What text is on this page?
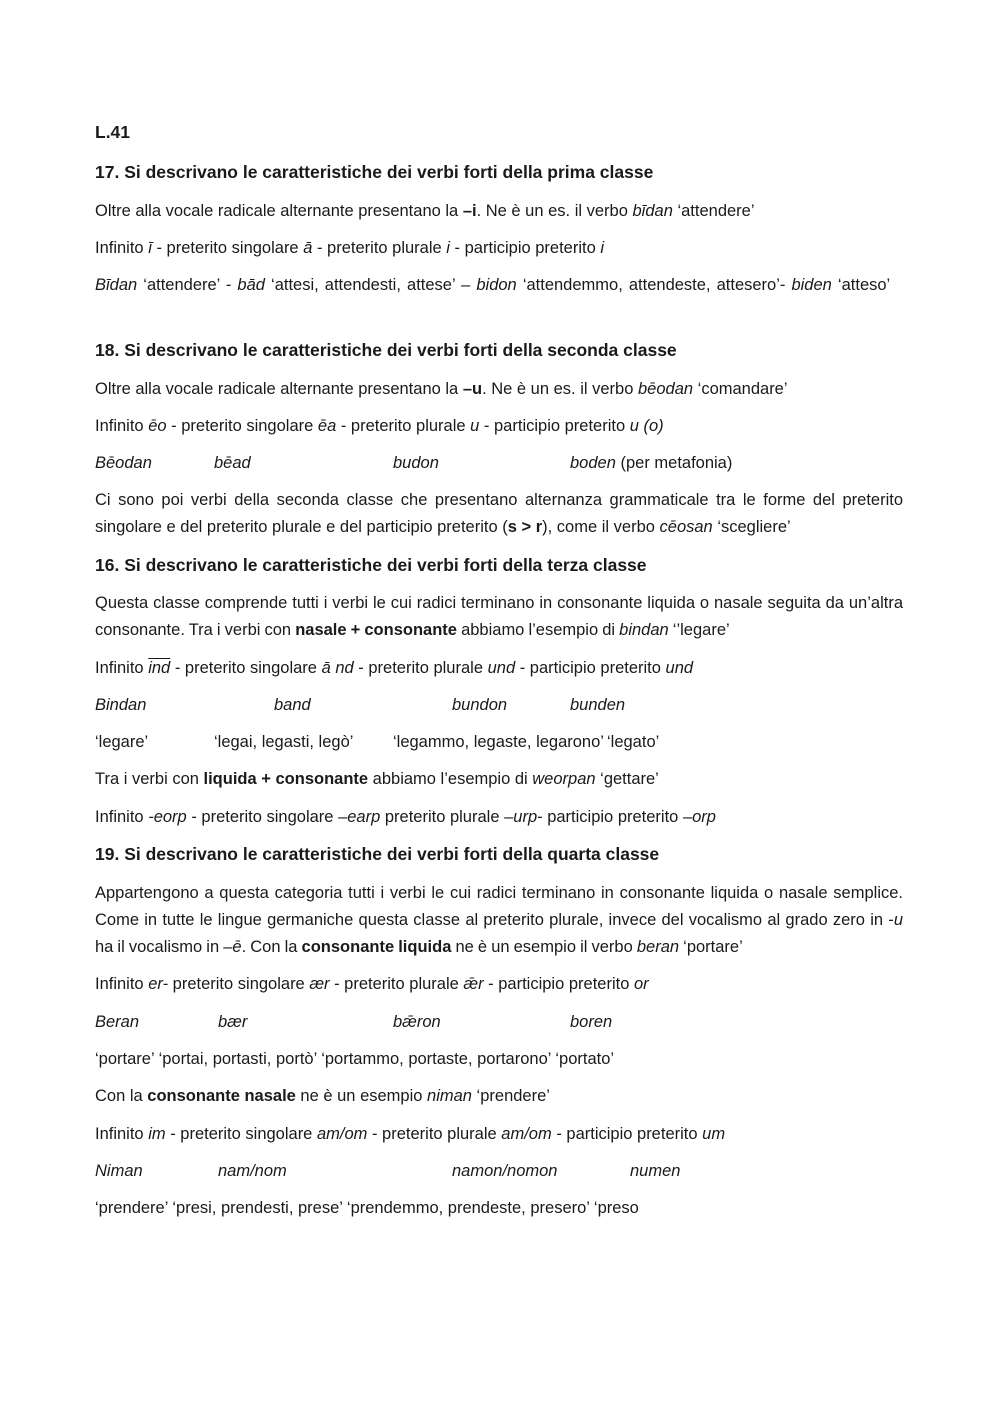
L.41
17. Si descrivano le caratteristiche dei verbi forti della prima classe
Oltre alla vocale radicale alternante presentano la –i. Ne è un es. il verbo bīdan ‘attendere’
Infinito ī - preterito singolare ā - preterito plurale i - participio preterito i
Bīdan ‘attendere’ - bād ‘attesi, attendesti, attese’ – bidon ‘attendemmo, attendeste, attesero’- biden ‘atteso’
18. Si descrivano le caratteristiche dei verbi forti della seconda classe
Oltre alla vocale radicale alternante presentano la –u. Ne è un es. il verbo bēodan ‘comandare’
Infinito ēo - preterito singolare ēa - preterito plurale u - participio preterito u (o)
Bēodan	bēad	budon	boden (per metafonia)
Ci sono poi verbi della seconda classe che presentano alternanza grammaticale tra le forme del preterito singolare e del preterito plurale e del participio preterito (s > r), come il verbo cēosan ‘scegliere’
16. Si descrivano le caratteristiche dei verbi forti della terza classe
Questa classe comprende tutti i verbi le cui radici terminano in consonante liquida o nasale seguita da un’altra consonante. Tra i verbi con nasale + consonante abbiamo l’esempio di bindan ‘’legare’
Infinito $\overline{ind}$ - preterito singolare ā nd - preterito plurale und - participio preterito und
Bindan	band	bundon	bunden
‘legare’	‘legai, legasti, legò’ ‘legammo, legaste, legarono’ ‘legato’
Tra i verbi con liquida + consonante abbiamo l’esempio di weorpan ‘gettare’
Infinito -eorp - preterito singolare –earp preterito plurale –urp- participio preterito –orp
19. Si descrivano le caratteristiche dei verbi forti della quarta classe
Appartengono a questa categoria tutti i verbi le cui radici terminano in consonante liquida o nasale semplice. Come in tutte le lingue germaniche questa classe al preterito plurale, invece del vocalismo al grado zero in -u ha il vocalismo in –ē. Con la consonante liquida ne è un esempio il verbo beran ‘portare’
Infinito er- preterito singolare ær - preterito plurale ǣr - participio preterito or
Beran	bær	bǣron	boren
‘portare’ ‘portai, portasti, portò’ ‘portammo, portaste, portarono’ ‘portato’
Con la consonante nasale ne è un esempio niman ‘prendere’
Infinito im - preterito singolare am/om - preterito plurale am/om - participio preterito um
Niman	nam/nom	namon/nomon	numen
‘prendere’ ‘presi, prendesti, prese’ ‘prendemmo, prendeste, presero’ ‘preso
